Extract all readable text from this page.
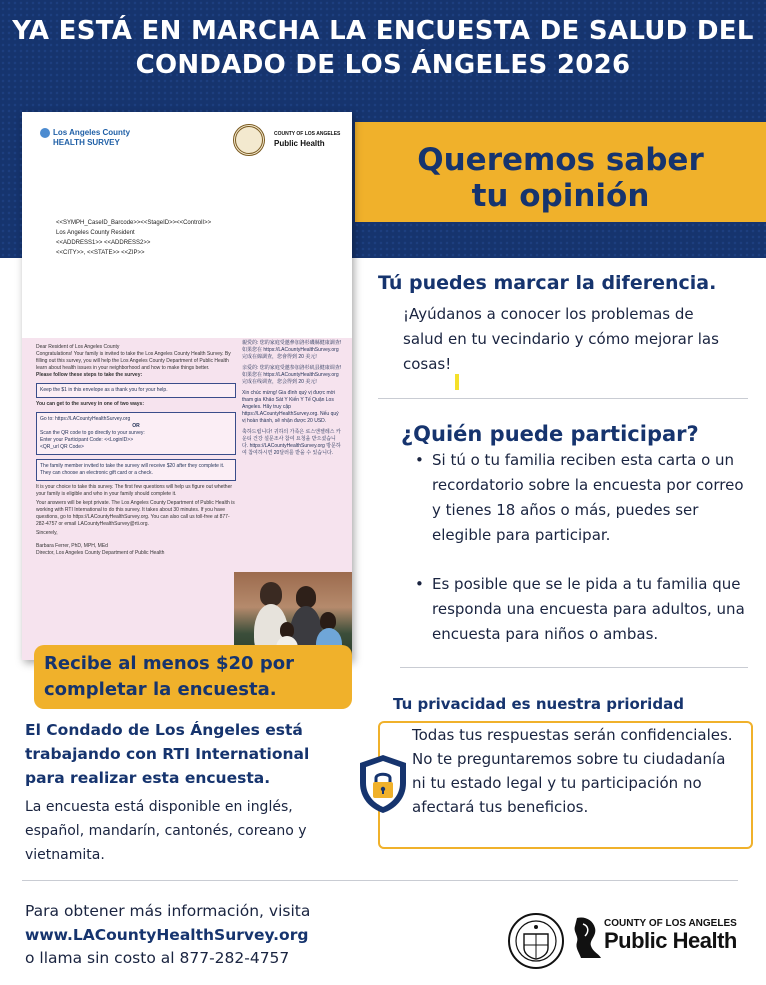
YA ESTÁ EN MARCHA LA ENCUESTA DE SALUD DEL
CONDADO DE LOS ÁNGELES 2026
Queremos saber
tu opinión
Los Angeles County
HEALTH SURVEY
COUNTY OF LOS ANGELES
Public Health
<<SYMPH_CaseID_Barcode>><<StageID>><<ControlI>>
Los Angeles County Resident
<<ADDRESS1>> <<ADDRESS2>>
<<CITY>>, <<STATE>> <<ZIP>>
Dear Resident of Los Angeles County
Congratulations! Your family is invited to take the Los Angeles County Health Survey. By filling out this survey, you will help the Los Angeles County Department of Public Health learn about health issues in your neighborhood and how to make things better.
Please follow these steps to take the survey:
Keep the $1 in this envelope as a thank you for your help.
You can get to the survey in one of two ways:
Go to: https://LACountyHealthSurvey.org
OR
Scan the QR code to go directly to your survey:
Enter your Participant Code: <<LoginID>>
<QR_url QR Code>
The family member invited to take the survey will receive $20 after they complete it. They can choose an electronic gift card or a check.
It is your choice to take this survey. The first few questions will help us figure out whether your family is eligible and who in your family should complete it.
Your answers will be kept private. The Los Angeles County Department of Public Health is working with RTI International to do this survey. It takes about 30 minutes. If you have questions, go to https://LACountyHealthSurvey.org. You can also call us toll-free at 877-282-4757 or email LACountyHealthSurvey@rti.org.
Sincerely,
Barbara Ferrer, PhD, MPH, MEd
Director, Los Angeles County Department of Public Health
親愛的: 您的家庭受邀參加洛杉磯縣健康調查! 如果您在 https://LACountyHealthSurvey.org 完成在線調查，您會得到 20 美元!
亲爱的: 您的家庭受邀参加洛杉矶县健康调查! 如果您在 https://LACountyHealthSurvey.org 完成在线调查，您会得到 20 美元!
Xin chúc mừng! Gia đình quý vị được mời tham gia Khảo Sát Y Kiến Y Tế Quận Los Angeles. Hãy truy cập https://LACountyHealthSurvey.org. Nếu quý vị hoàn thành, sẽ nhận được 20 USD.
축하드립니다! 귀하의 가족은 로스앤젤레스 카운티 건강 설문조사 참여 요청을 받으셨습니다. https://LACountyHealthSurvey.org 방문하여 참여하시면 20달러를 받을 수 있습니다.
Recibe al menos $20 por
completar la encuesta.
Tú puedes marcar la diferencia.
¡Ayúdanos a conocer los problemas de salud en tu vecindario y cómo mejorar las cosas!
¿Quién puede participar?
• Si tú o tu familia reciben esta carta o un recordatorio sobre la encuesta por correo y tienes 18 años o más, puedes ser elegible para participar.
• Es posible que se le pida a tu familia que responda una encuesta para adultos, una encuesta para niños o ambas.
Tu privacidad es nuestra prioridad
Todas tus respuestas serán confidenciales. No te preguntaremos sobre tu ciudadanía ni tu estado legal y tu participación no afectará tus beneficios.
El Condado de Los Ángeles está trabajando con RTI International para realizar esta encuesta.
La encuesta está disponible en inglés, español, mandarín, cantonés, coreano y vietnamita.
Para obtener más información, visita
www.LACountyHealthSurvey.org
o llama sin costo al 877-282-4757
COUNTY OF LOS ANGELES
Public Health
